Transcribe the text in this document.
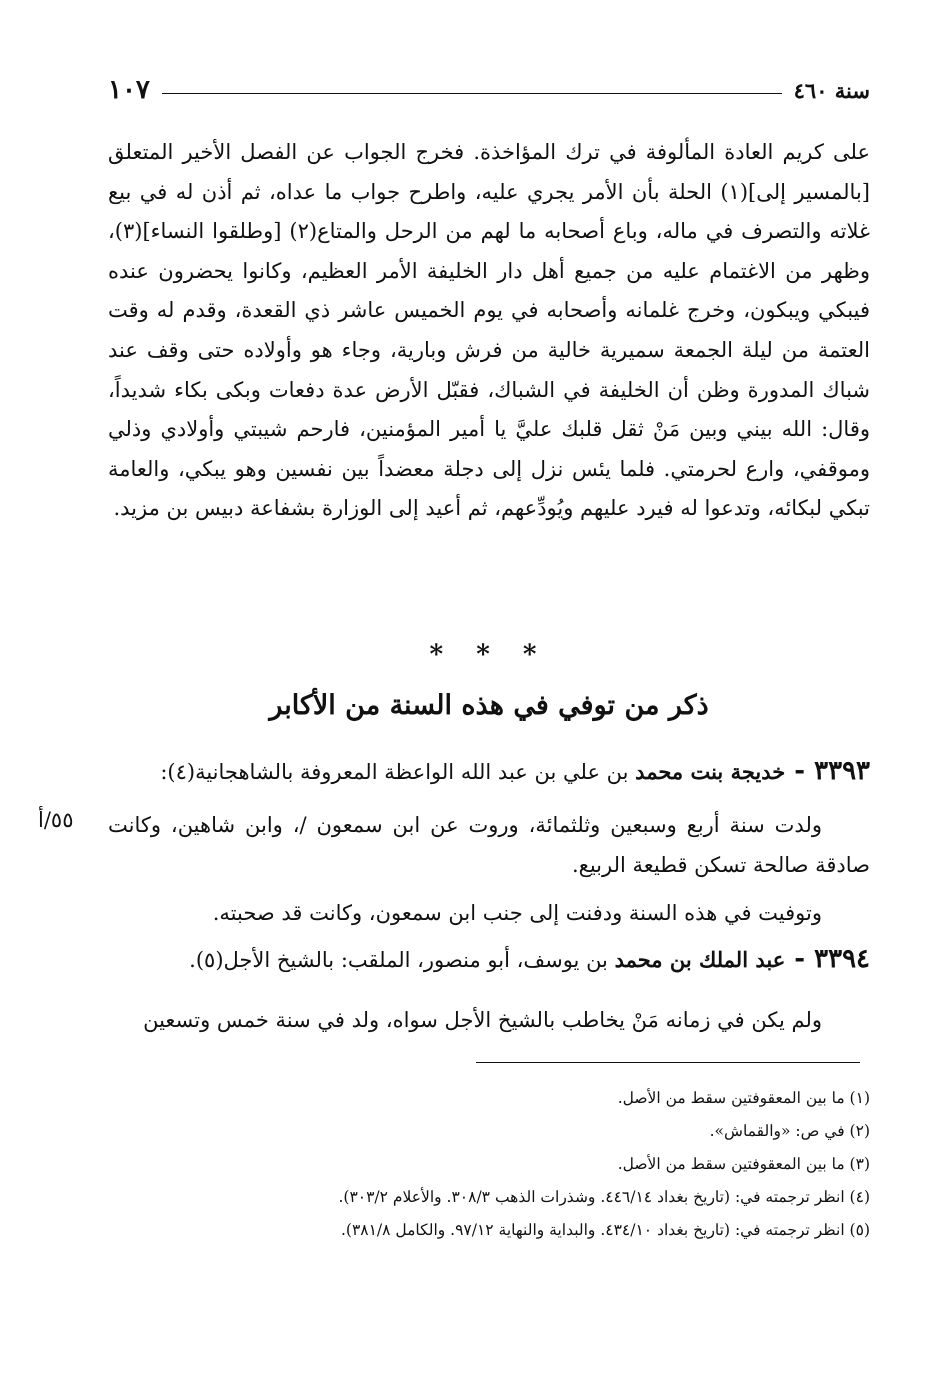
سنة ٤٦٠
١٠٧

على كريم العادة المألوفة في ترك المؤاخذة. فخرج الجواب عن الفصل الأخير المتعلق [بالمسير إلى](١) الحلة بأن الأمر يجري عليه، واطرح جواب ما عداه، ثم أذن له في بيع غلاته والتصرف في ماله، وباع أصحابه ما لهم من الرحل والمتاع(٢) [وطلقوا النساء](٣)، وظهر من الاغتمام عليه من جميع أهل دار الخليفة الأمر العظيم، وكانوا يحضرون عنده فيبكي ويبكون، وخرج غلمانه وأصحابه في يوم الخميس عاشر ذي القعدة، وقدم له وقت العتمة من ليلة الجمعة سميرية خالية من فرش وبارية، وجاء هو وأولاده حتى وقف عند شباك المدورة وظن أن الخليفة في الشباك، فقبّل الأرض عدة دفعات وبكى بكاء شديداً، وقال: الله بيني وبين مَنْ ثقل قلبك عليَّ يا أمير المؤمنين، فارحم شيبتي وأولادي وذلي وموقفي، وارع لحرمتي. فلما يئس نزل إلى دجلة معضداً بين نفسين وهو يبكي، والعامة تبكي لبكائه، وتدعوا له فيرد عليهم ويُودِّعهم، ثم أعيد إلى الوزارة بشفاعة دبيس بن مزيد.

* * *
ذكر من توفي في هذه السنة من الأكابر
٣٣٩٣ - خديجة بنت محمد بن علي بن عبد الله الواعظة المعروفة بالشاهجانية(٤):

ولدت سنة أربع وسبعين وثلثمائة، وروت عن ابن سمعون /، وابن شاهين، وكانت صادقة صالحة تسكن قطيعة الربيع.

٥٥/أ

وتوفيت في هذه السنة ودفنت إلى جنب ابن سمعون، وكانت قد صحبته.

٣٣٩٤ - عبد الملك بن محمد بن يوسف، أبو منصور، الملقب: بالشيخ الأجل(٥).

ولم يكن في زمانه مَنْ يخاطب بالشيخ الأجل سواه، ولد في سنة خمس وتسعين

(١) ما بين المعقوفتين سقط من الأصل.
(٢) في ص: «والقماش».
(٣) ما بين المعقوفتين سقط من الأصل.
(٤) انظر ترجمته في: (تاريخ بغداد ٤٤٦/١٤. وشذرات الذهب ٣٠٨/٣. والأعلام ٣٠٣/٢).
(٥) انظر ترجمته في: (تاريخ بغداد ٤٣٤/١٠. والبداية والنهاية ٩٧/١٢. والكامل ٣٨١/٨).
